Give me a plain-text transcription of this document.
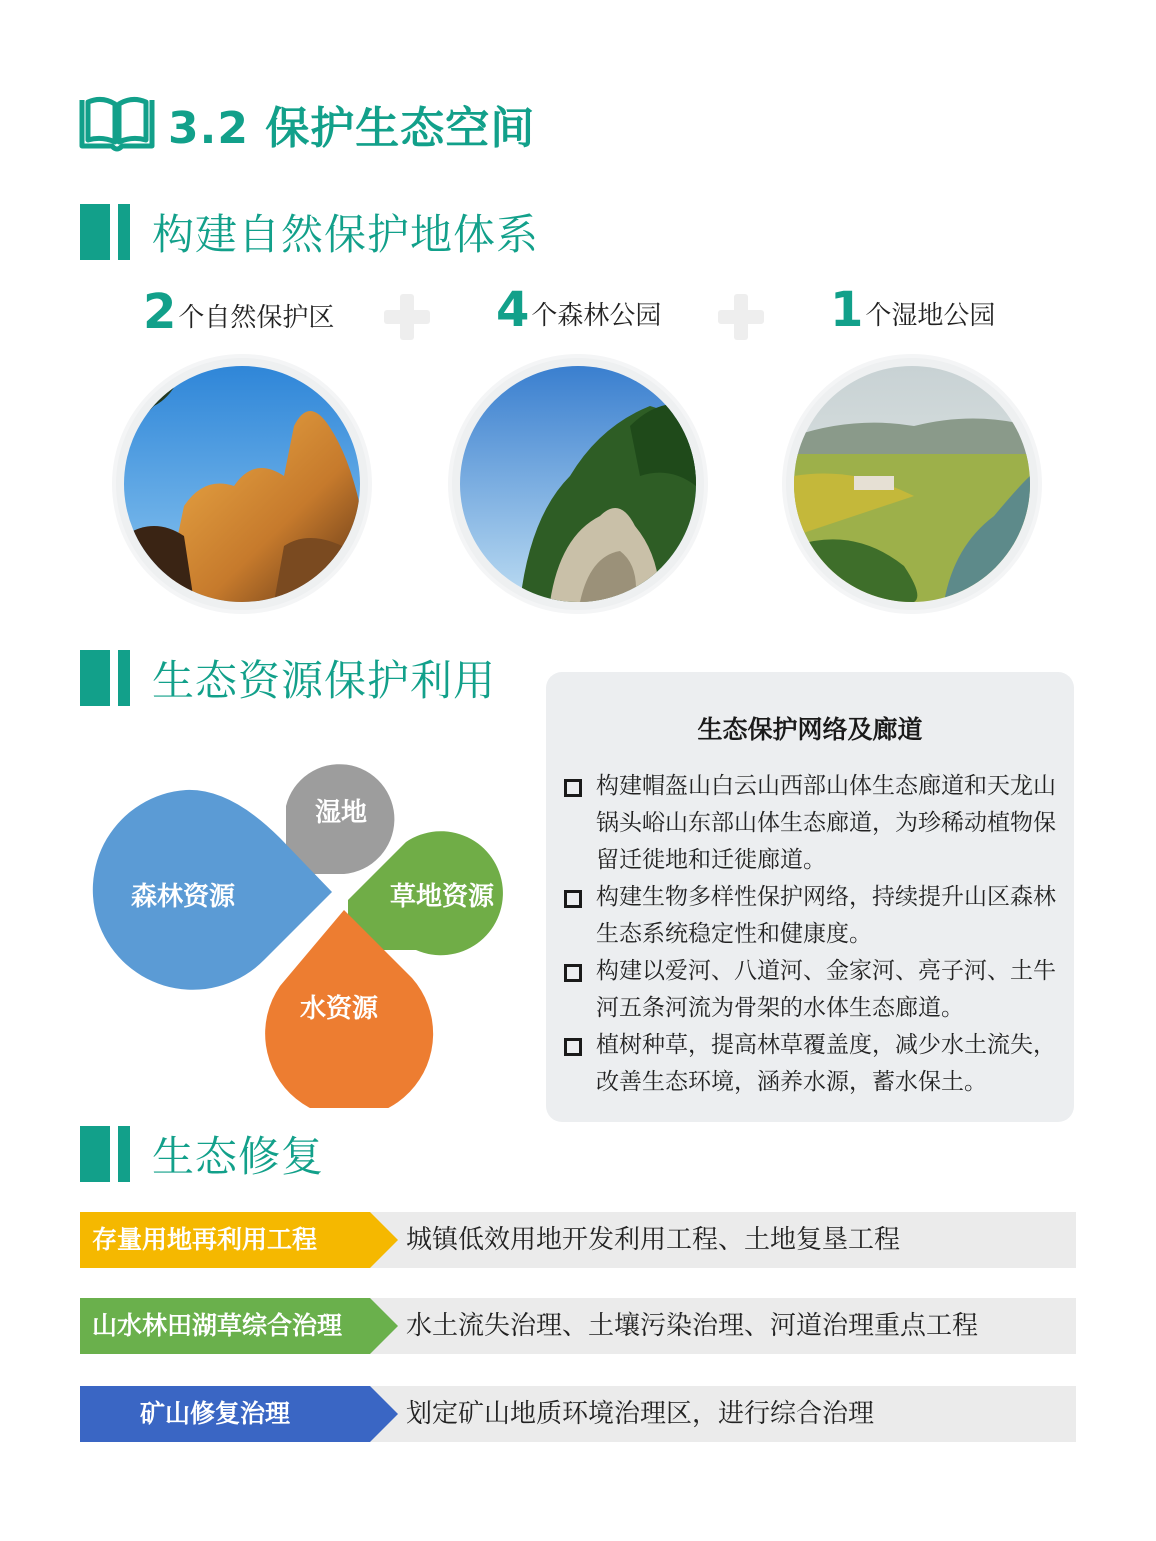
3.2 保护生态空间
构建自然保护地体系
2 个自然保护区	4 个森林公园	1 个湿地公园
生态资源保护利用
湿地
森林资源	草地资源
水资源
生态保护网络及廊道
构建帽盔山白云山西部山体生态廊道和天龙山锅头峪山东部山体生态廊道，为珍稀动植物保留迁徙地和迁徙廊道。
构建生物多样性保护网络，持续提升山区森林生态系统稳定性和健康度。
构建以爱河、八道河、金家河、亮子河、土牛河五条河流为骨架的水体生态廊道。
植树种草，提高林草覆盖度，减少水土流失，改善生态环境，涵养水源，蓄水保土。
生态修复
存量用地再利用工程	城镇低效用地开发利用工程、土地复垦工程
山水林田湖草综合治理 水土流失治理、土壤污染治理、河道治理重点工程
矿山修复治理	划定矿山地质环境治理区，进行综合治理
